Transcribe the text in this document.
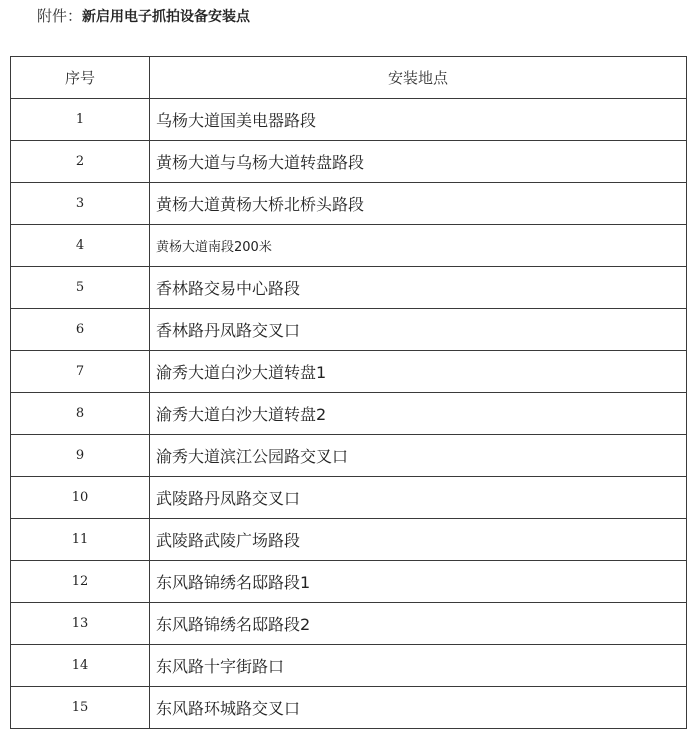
附件：新启用电子抓拍设备安装点
序号	安装地点
1	乌杨大道国美电器路段
2	黄杨大道与乌杨大道转盘路段
3	黄杨大道黄杨大桥北桥头路段
4	黄杨大道南段200米
5	香林路交易中心路段
6	香林路丹凤路交叉口
7	渝秀大道白沙大道转盘1
8	渝秀大道白沙大道转盘2
9	渝秀大道滨江公园路交叉口
10	武陵路丹凤路交叉口
11	武陵路武陵广场路段
12	东风路锦绣名邸路段1
13	东风路锦绣名邸路段2
14	东风路十字街路口
15	东风路环城路交叉口
